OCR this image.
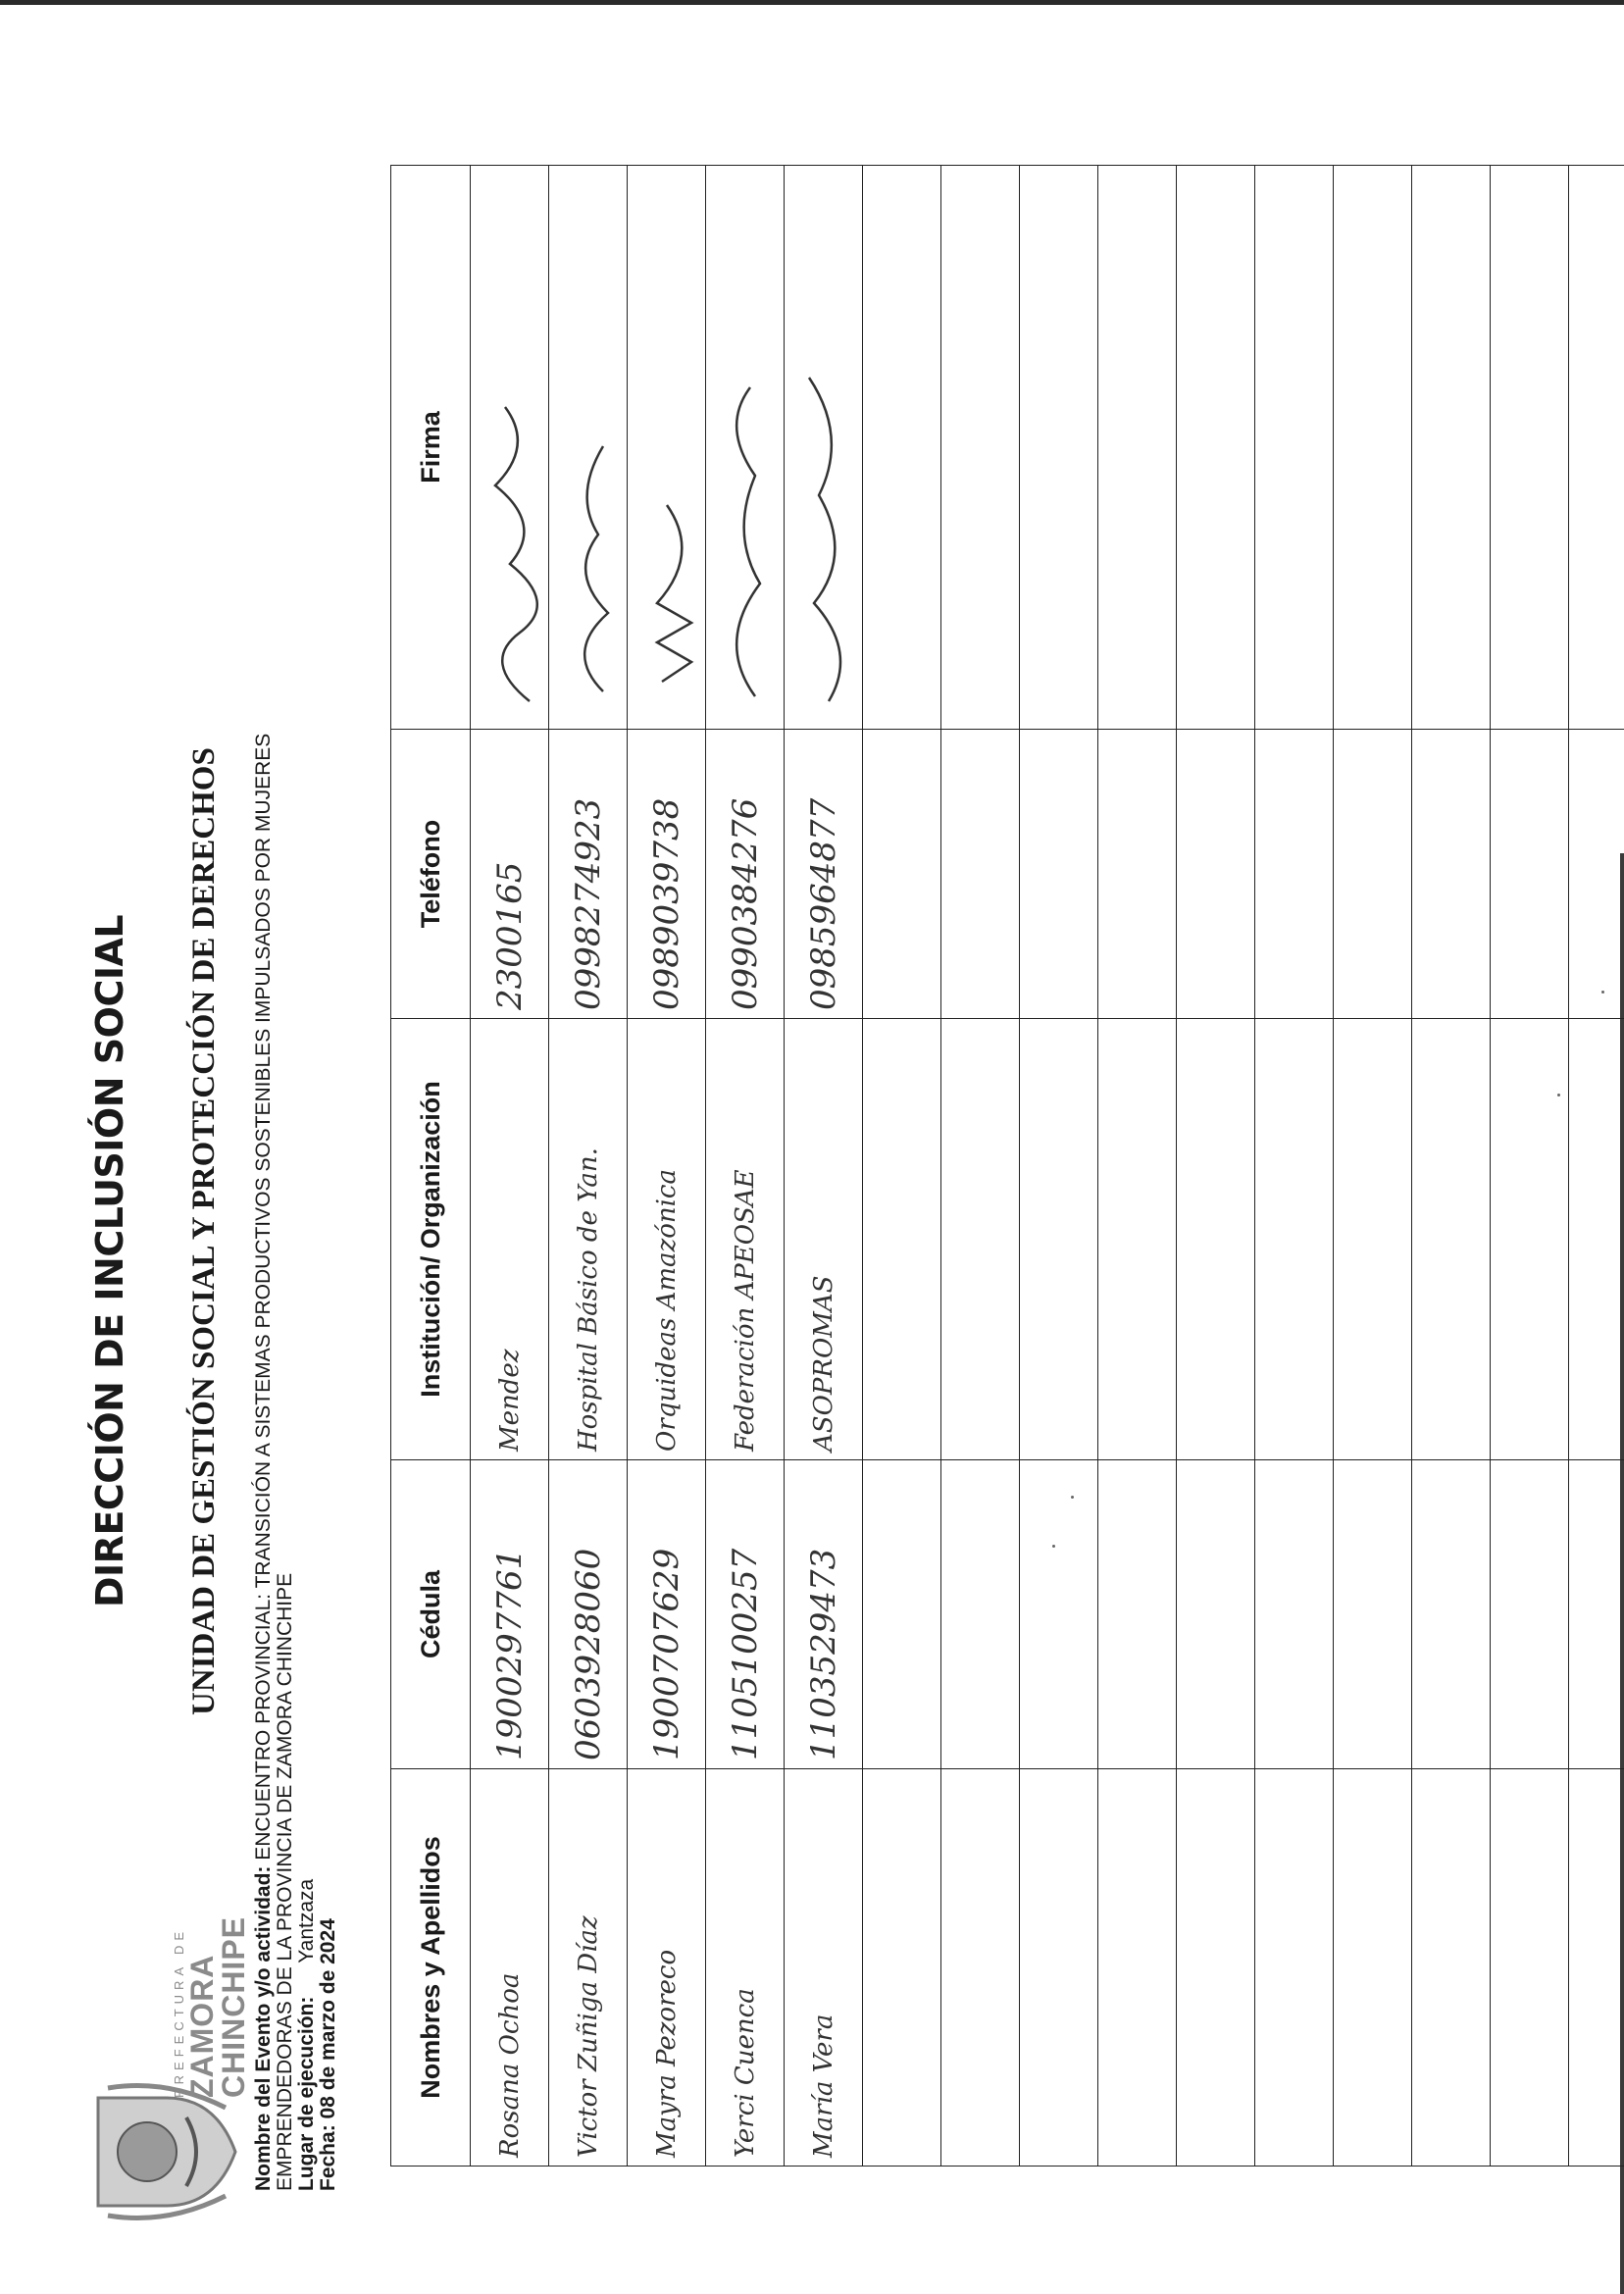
PREFECTURA DE
ZAMORA
CHINCHIPE
DIRECCIÓN DE INCLUSIÓN SOCIAL UNIDAD DE GESTIÓN SOCIAL Y PROTECCIÓN DE DERECHOS
Nombre del Evento y/o actividad: ENCUENTRO PROVINCIAL: TRANSICIÓN A SISTEMAS PRODUCTIVOS SOSTENIBLES IMPULSADOS POR MUJERES
EMPRENDEDORAS DE LA PROVINCIA DE ZAMORA CHINCHIPE Lugar de ejecución: Yantzaza Fecha: 08 de marzo de 2024	Nombres y Apellidos	Cédula	Institución/ Organización	Teléfono	Firma
Rosana Ochoa	1900297761	Mendez	2300165	

Victor Zuñiga Díaz	0603928060	Hospital Básico de Yan.	0998274923	

Mayra Pezoreco	1900707629	Orquideas Amazónica	0989039738	

Yerci Cuenca	1105100257	Federación APEOSAE	0990384276	

María Vera	1103529473	ASOPROMAS	0985964877	
